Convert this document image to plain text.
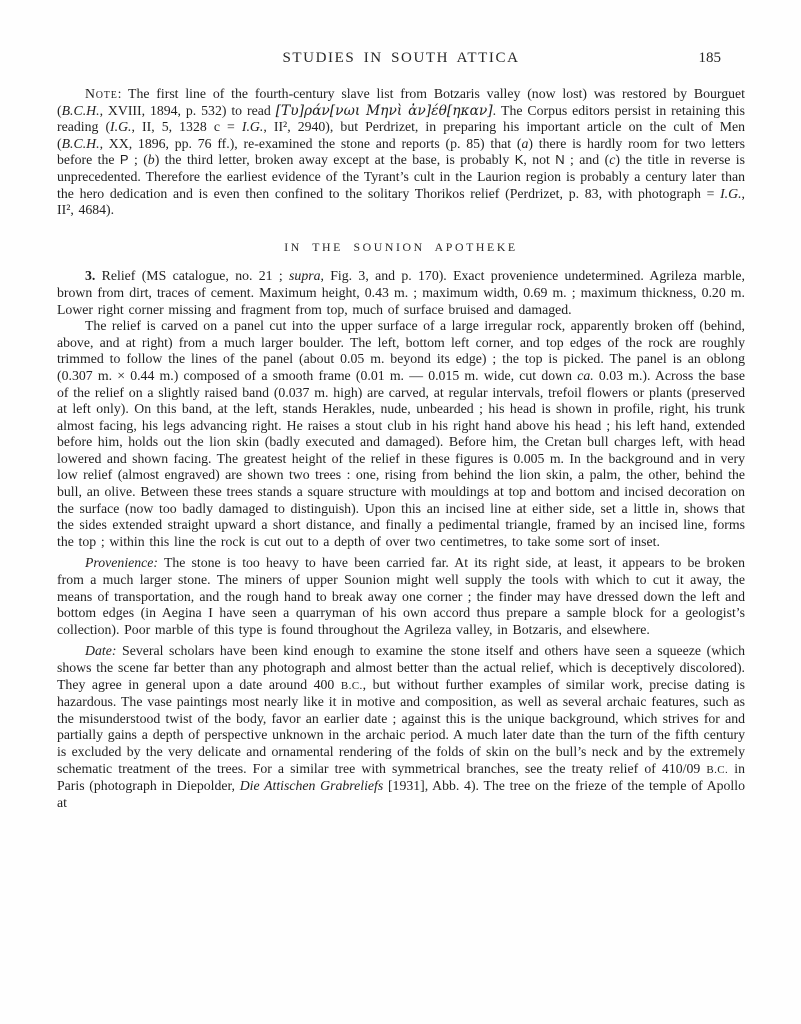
STUDIES IN SOUTH ATTICA	185

Note: The first line of the fourth-century slave list from Botzaris valley (now lost) was restored by Bourguet (B.C.H., XVIII, 1894, p. 532) to read [Τυ]ράν[νωι Μηνὶ ἀν]έθ[ηκαν]. The Corpus editors persist in retaining this reading (I.G., II, 5, 1328 c = I.G., II², 2940), but Perdrizet, in preparing his important article on the cult of Men (B.C.H., XX, 1896, pp. 76 ff.), re-examined the stone and reports (p. 85) that (a) there is hardly room for two letters before the P ; (b) the third letter, broken away except at the base, is probably K, not N ; and (c) the title in reverse is unprecedented. Therefore the earliest evidence of the Tyrant’s cult in the Laurion region is probably a century later than the hero dedication and is even then confined to the solitary Thorikos relief (Perdrizet, p. 83, with photograph = I.G., II², 4684).

IN THE SOUNION APOTHEKE

3. Relief (MS catalogue, no. 21 ; supra, Fig. 3, and p. 170). Exact provenience undetermined. Agrileza marble, brown from dirt, traces of cement. Maximum height, 0.43 m. ; maximum width, 0.69 m. ; maximum thickness, 0.20 m. Lower right corner missing and fragment from top, much of surface bruised and damaged.

The relief is carved on a panel cut into the upper surface of a large irregular rock, apparently broken off (behind, above, and at right) from a much larger boulder. The left, bottom left corner, and top edges of the rock are roughly trimmed to follow the lines of the panel (about 0.05 m. beyond its edge) ; the top is picked. The panel is an oblong (0.307 m. × 0.44 m.) composed of a smooth frame (0.01 m. — 0.015 m. wide, cut down ca. 0.03 m.). Across the base of the relief on a slightly raised band (0.037 m. high) are carved, at regular intervals, trefoil flowers or plants (preserved at left only). On this band, at the left, stands Herakles, nude, unbearded ; his head is shown in profile, right, his trunk almost facing, his legs advancing right. He raises a stout club in his right hand above his head ; his left hand, extended before him, holds out the lion skin (badly executed and damaged). Before him, the Cretan bull charges left, with head lowered and shown facing. The greatest height of the relief in these figures is 0.005 m. In the background and in very low relief (almost engraved) are shown two trees : one, rising from behind the lion skin, a palm, the other, behind the bull, an olive. Between these trees stands a square structure with mouldings at top and bottom and incised decoration on the surface (now too badly damaged to distinguish). Upon this an incised line at either side, set a little in, shows that the sides extended straight upward a short distance, and finally a pedimental triangle, framed by an incised line, forms the top ; within this line the rock is cut out to a depth of over two centimetres, to take some sort of inset.

Provenience: The stone is too heavy to have been carried far. At its right side, at least, it appears to be broken from a much larger stone. The miners of upper Sounion might well supply the tools with which to cut it away, the means of transportation, and the rough hand to break away one corner ; the finder may have dressed down the left and bottom edges (in Aegina I have seen a quarryman of his own accord thus prepare a sample block for a geologist’s collection). Poor marble of this type is found throughout the Agrileza valley, in Botzaris, and elsewhere.

Date: Several scholars have been kind enough to examine the stone itself and others have seen a squeeze (which shows the scene far better than any photograph and almost better than the actual relief, which is deceptively discolored). They agree in general upon a date around 400 B.C., but without further examples of similar work, precise dating is hazardous. The vase paintings most nearly like it in motive and composition, as well as several archaic features, such as the misunderstood twist of the body, favor an earlier date ; against this is the unique background, which strives for and partially gains a depth of perspective unknown in the archaic period. A much later date than the turn of the fifth century is excluded by the very delicate and ornamental rendering of the folds of skin on the bull’s neck and by the extremely schematic treatment of the trees. For a similar tree with symmetrical branches, see the treaty relief of 410/09 B.C. in Paris (photograph in Diepolder, Die Attischen Grabreliefs [1931], Abb. 4). The tree on the frieze of the temple of Apollo at
